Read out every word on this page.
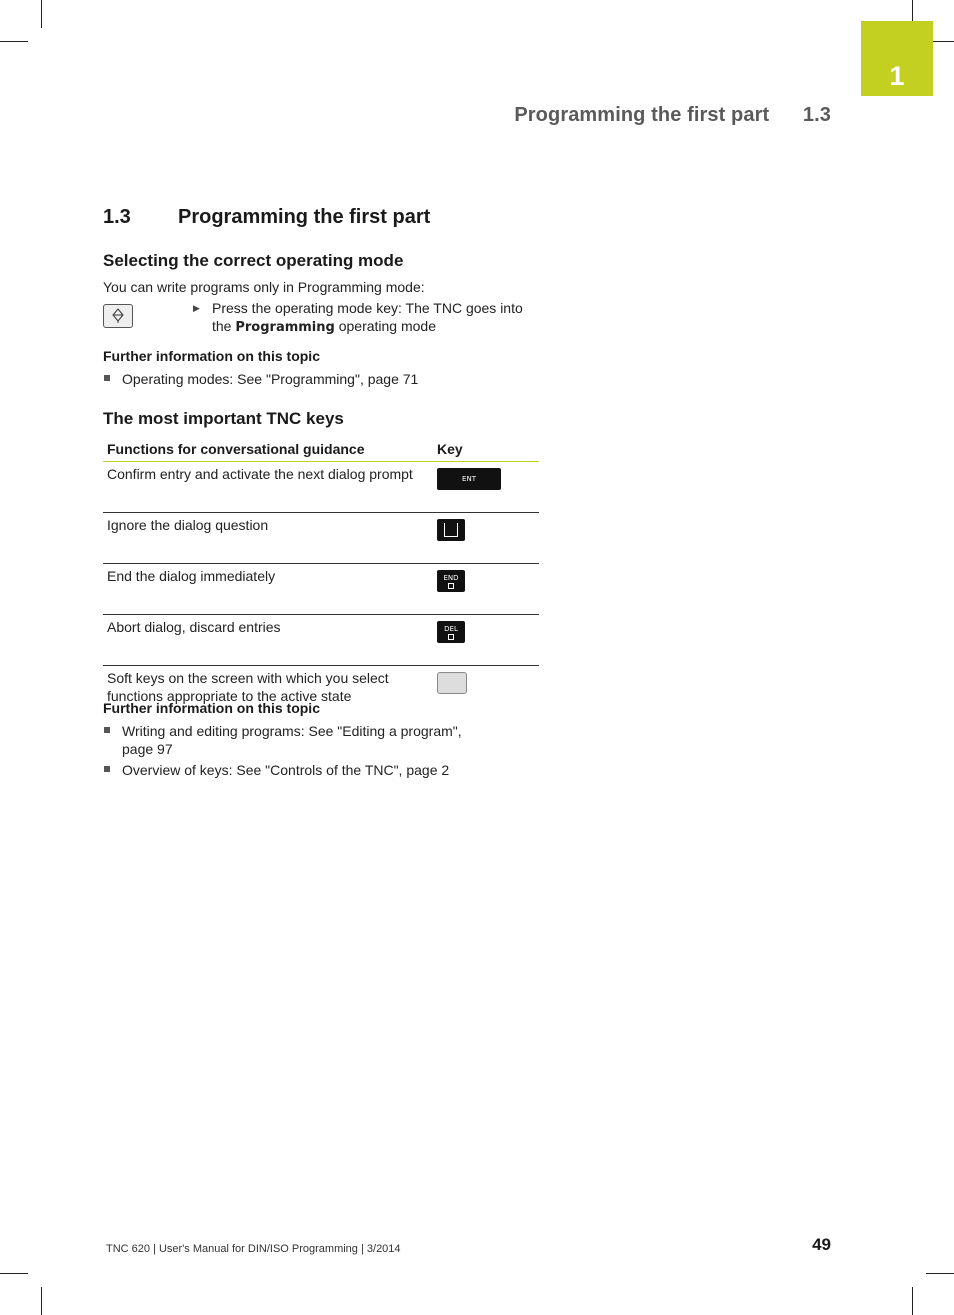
1
Programming the first part 1.3
1.3 Programming the first part
Selecting the correct operating mode
You can write programs only in Programming mode:
▶ Press the operating mode key: The TNC goes into the Programming operating mode
Further information on this topic
Operating modes: See "Programming", page 71
The most important TNC keys
Functions for conversational guidance	Key
Confirm entry and activate the next dialog prompt	ENT

Ignore the dialog question	

End the dialog immediately	END

Abort dialog, discard entries	DEL

Soft keys on the screen with which you select functions appropriate to the active state	
Further information on this topic
Writing and editing programs: See "Editing a program", page 97
Overview of keys: See "Controls of the TNC", page 2
TNC 620 | User's Manual for DIN/ISO Programming | 3/2014	49
